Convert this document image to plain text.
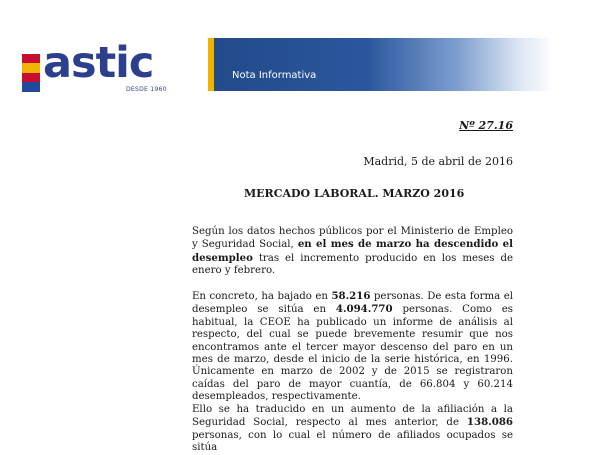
astic
DESDE 1960
Nota Informativa
Nº 27.16
Madrid, 5 de abril de 2016
MERCADO LABORAL. MARZO 2016

Según los datos hechos públicos por el Ministerio de Empleo y Seguridad Social, en el mes de marzo ha descendido el desempleo tras el incremento producido en los meses de enero y febrero.

En concreto, ha bajado en 58.216 personas. De esta forma el desempleo se sitúa en 4.094.770 personas. Como es habitual, la CEOE ha publicado un informe de análisis al respecto, del cual se puede brevemente resumir que nos encontramos ante el tercer mayor descenso del paro en un mes de marzo, desde el inicio de la serie histórica, en 1996. Únicamente en marzo de 2002 y de 2015 se registraron caídas del paro de mayor cuantía, de 66.804 y 60.214 desempleados, respectivamente.

Ello se ha traducido en un aumento de la afiliación a la Seguridad Social, respecto al mes anterior, de 138.086 personas, con lo cual el número de afiliados ocupados se sitúa
